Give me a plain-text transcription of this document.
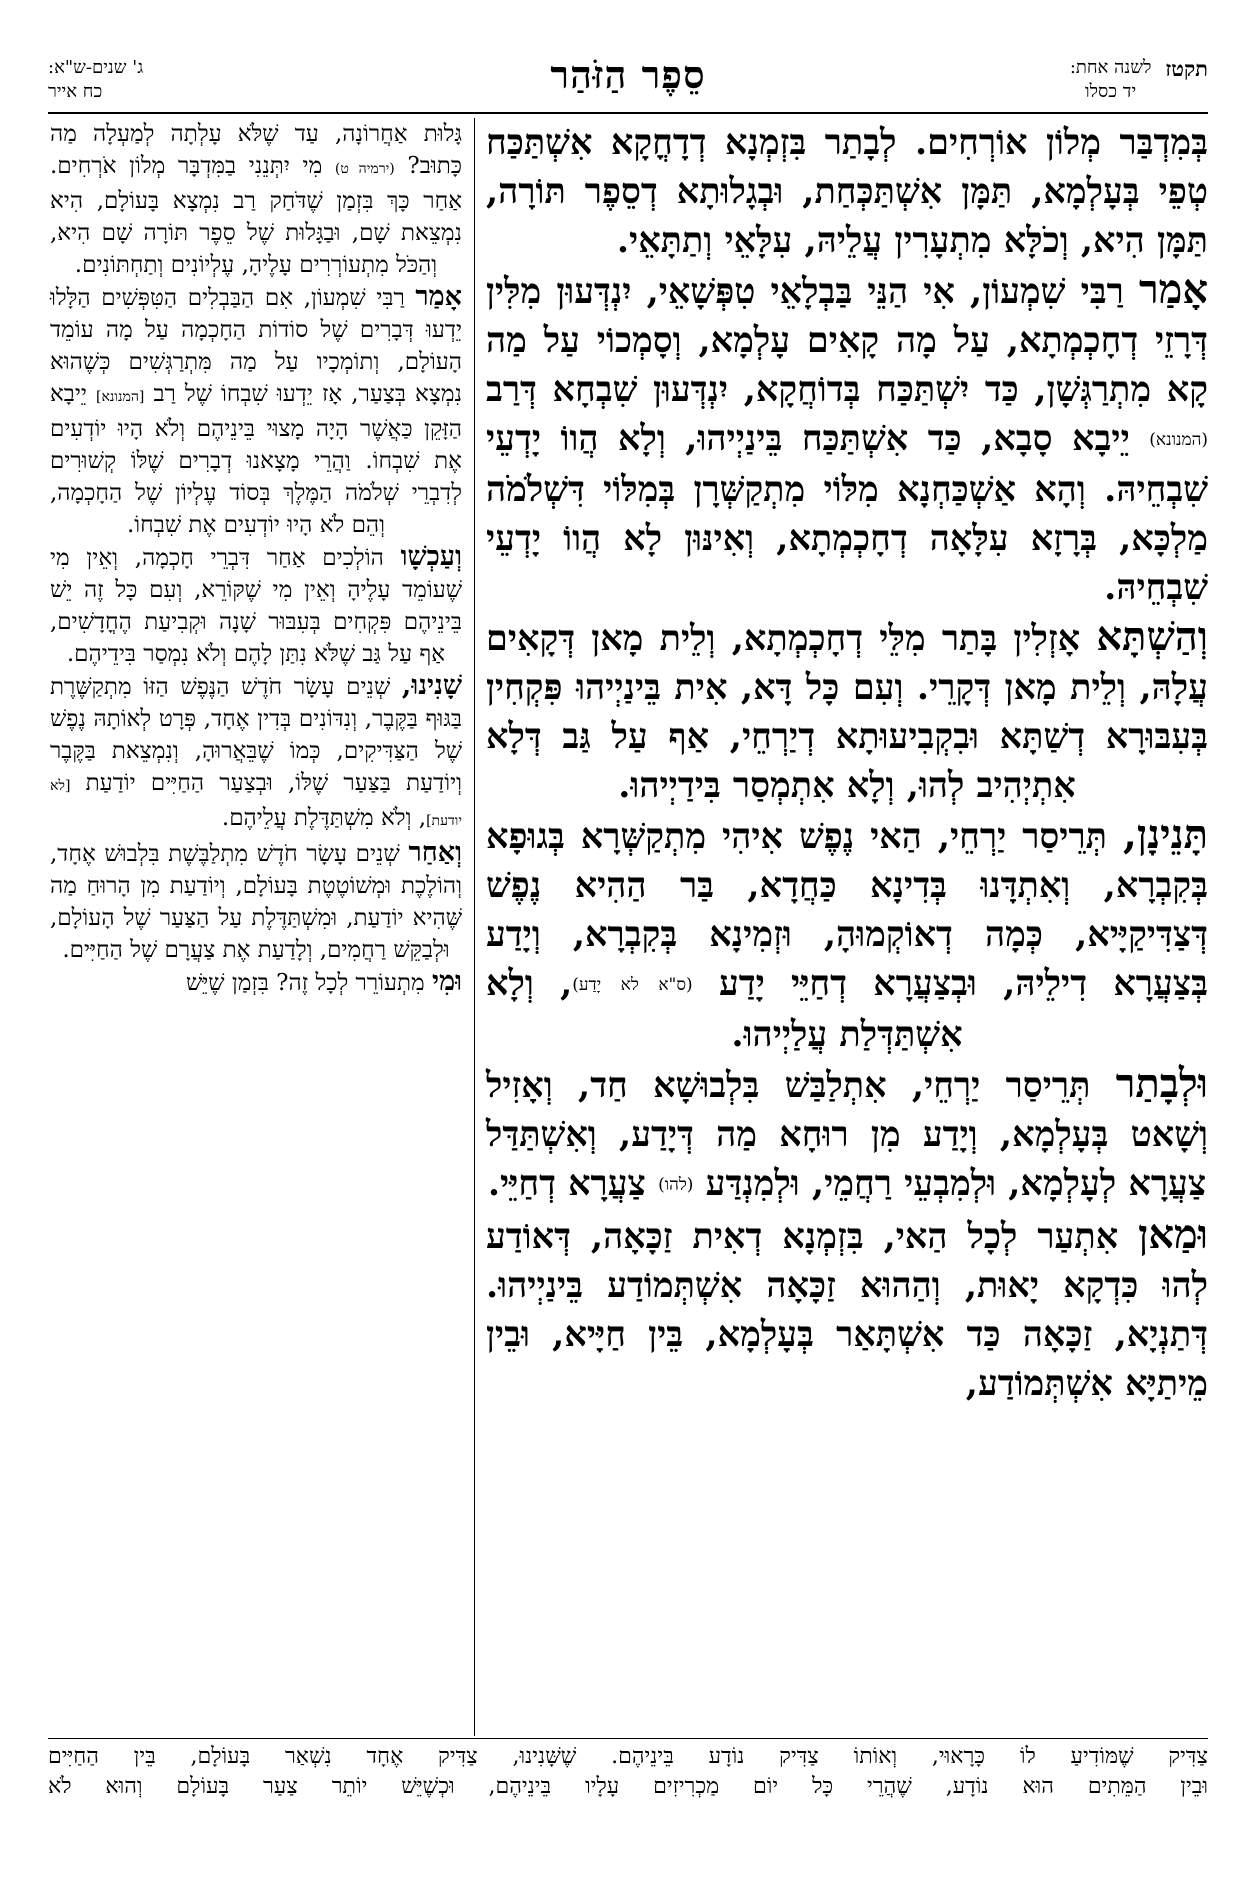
תקטז
לשנה אחת:
יד כסלו
סֵפֶר הַזֹּהַר
ג' שנים-ש"א:
כח אייר

בְּמִדְבַּר מְלוֹן אוֹרְחִים. לְבָתַר בִּזְמְנָא דְדָחֳקָא אִשְׁתַּכַּח טְפֵי בְּעָלְמָא, תַּמָּן אִשְׁתַּכְּחַת, וּבְגָלוּתָא דְסֵפֶר תּוֹרָה, תַּמָּן הִיא, וְכֹלָּא מִתְעָרִין עֲלֵיהּ, עִלָּאֵי וְתַתָּאֵי.

אָמַר רַבִּי שִׁמְעוֹן, אִי הַנֵּי בַּבְלָאֵי טִפְּשָׁאֵי, יִנְדְּעוּן מִלִּין דְּרָזֵי דְחָכְמְתָא, עַל מָה קָאִים עָלְמָא, וְסָמְכוֹי עַל מַה קָא מִתְרַגְּשָׁן, כַּד יִשְׁתַּכַּח בְּדוֹחֲקָא, יִנְדְּעוּן שִׁבְחָא דְּרַב (המנונא) יֵיבָא סָבָא, כַּד אִשְׁתַּכַּח בֵּינַיְיהוּ, וְלָא הֲווֹ יָדְעֵי שִׁבְחֵיהּ. וְהָא אַשְׁכַּחְנָא מִלּוֹי מִתְקַשְּׁרָן בְּמִלּוֹי דִּשְׁלֹמֹה מַלְכָּא, בְּרָזָא עִלָּאָה דְחָכְמְתָא, וְאִינּוּן לָא הֲווֹ יָדְעֵי שִׁבְחֵיהּ.

וְהַשְׁתָּא אָזְלִין בָּתַר מִלֵּי דְחָכְמְתָא, וְלֵית מָאן דְּקָאִים עֲלָהּ, וְלֵית מָאן דְּקָרֵי. וְעִם כָּל דָּא, אִית בֵּינַיְיהוּ פִּקְחִין בְּעִבּוּרָא דְשַׁתָּא וּבִקְבִיעוּתָא דְיַרְחֵי, אַף עַל גַּב דְּלָא אִתְיְהִיב לְהוּ, וְלָא אִתְמְסַר בִּידַיְיהוּ.

תָּנֵינָן, תְּרֵיסַר יַרְחֵי, הַאי נֶפֶשׁ אִיהִי מִתְקַשְּׁרָא בְּגוּפָא בְּקִבְרָא, וְאִתְדָּנוּ בְּדִינָא כַּחֲדָא, בַּר הַהִיא נֶפֶשׁ דְּצַדִּיקַיָּיא, כְּמָה דְאוֹקְמוּהָ, וּזְמִינָא בְּקִבְרָא, וְיָדַע בְּצַעֲרָא דִילֵיהּ, וּבְצַעֲרָא דְחַיֵּי יָדַע (ס"א לא יָדַע), וְלָא אִשְׁתַּדְּלַת עֲלַיְיהוּ.

וּלְבָתַר תְּרֵיסַר יַרְחֵי, אִתְלַבַּשׁ בִּלְבוּשָׁא חַד, וְאָזִיל וְשָׁאט בְּעָלְמָא, וְיָדַע מִן רוּחָא מַה דְּיָדַע, וְאִשְׁתַּדַּל צַעֲרָא לְעָלְמָא, וּלְמִבְעֵי רַחֲמֵי, וּלְמִנְדַּע (להו) צַעֲרָא דְחַיֵּי.

וּמַאן אִתְעַר לְכָל הַאי, בִּזְמְנָא דְאִית זַכָּאָה, דְּאוֹדַע לְהוּ כִּדְקָא יָאוּת, וְהַהוּא זַכָּאָה אִשְׁתְּמוֹדַע בֵּינַיְיהוּ. דְּתַנְיָא, זַכָּאָה כַּד אִשְׁתָּאַר בְּעָלְמָא, בֵּין חַיָּיא, וּבֵין מֵיתַיָּא אִשְׁתְּמוֹדַע,

גָּלוּת אַחֲרוֹנָה, עַד שֶׁלֹּא עָלְתָה לְמַעְלָה מַה כָּתוּב? (ירמיה ט) מִי יִתְּנֵנִי בַמִּדְבָּר מְלוֹן אֹרְחִים. אַחַר כָּךְ בִּזְמַן שֶׁדֹּחַק רַב נִמְצָא בָּעוֹלָם, הִיא נִמְצֵאת שָׁם, וּבַגָּלוּת שֶׁל סֵפֶר תּוֹרָה שָׁם הִיא, וְהַכֹּל מִתְעוֹרְרִים עָלֶיהָ, עֶלְיוֹנִים וְתַחְתּוֹנִים.

אָמַר רַבִּי שִׁמְעוֹן, אִם הַבַּבְלִים הַטִּפְּשִׁים הַלָּלוּ יֵדְעוּ דְּבָרִים שֶׁל סוֹדוֹת הַחָכְמָה עַל מָה עוֹמֵד הָעוֹלָם, וְתוֹמְכָיו עַל מַה מִּתְרַגְּשִׁים כְּשֶׁהוּא נִמְצָא בְּצַעַר, אָז יֵדְעוּ שִׁבְחוֹ שֶׁל רַב [המנונא] יֵיבָא הַזָּקֵן כַּאֲשֶׁר הָיָה מָצוּי בֵּינֵיהֶם וְלֹא הָיוּ יוֹדְעִים אֶת שִׁבְחוֹ. וַהֲרֵי מָצָאנוּ דְבָרִים שֶׁלּוֹ קְשׁוּרִים לְדִבְרֵי שְׁלֹמֹה הַמֶּלֶךְ בְּסוֹד עֶלְיוֹן שֶׁל הַחָכְמָה, וְהֵם לֹא הָיוּ יוֹדְעִים אֶת שִׁבְחוֹ.

וְעַכְשָׁו הוֹלְכִים אַחַר דִּבְרֵי חָכְמָה, וְאֵין מִי שֶׁעוֹמֵד עָלֶיהָ וְאֵין מִי שֶׁקּוֹרֵא, וְעִם כָּל זֶה יֵשׁ בֵּינֵיהֶם פִּקְחִים בְּעִבּוּר שָׁנָה וּקְבִיעַת הֶחֳדָשִׁים, אַף עַל גַּב שֶׁלֹּא נִתַּן לָהֶם וְלֹא נִמְסַר בִּידֵיהֶם.

שָׁנִינוּ, שְׁנֵים עָשָׂר חֹדֶשׁ הַנֶּפֶשׁ הַזּוֹ מִתְקַשֶּׁרֶת בַּגּוּף בַּקֶּבֶר, וְנִדּוֹנִים בְּדִין אֶחָד, פְּרָט לְאוֹתָהּ נֶפֶשׁ שֶׁל הַצַּדִּיקִים, כְּמוֹ שֶׁבֵּאֲרוּהָ, וְנִמְצֵאת בַּקֶּבֶר וְיוֹדַעַת בַּצַּעַר שֶׁלּוֹ, וּבְצַעַר הַחַיִּים יוֹדַעַת [לא יודעת], וְלֹא מִשְׁתַּדֶּלֶת עֲלֵיהֶם.

וְאַחַר שְׁנֵים עָשָׂר חֹדֶשׁ מִתְלַבֶּשֶׁת בִּלְבוּשׁ אֶחָד, וְהוֹלֶכֶת וּמְשׁוֹטֶטֶת בָּעוֹלָם, וְיוֹדַעַת מִן הָרוּחַ מַה שֶּׁהִיא יוֹדַעַת, וּמִשְׁתַּדֶּלֶת עַל הַצַּעַר שֶׁל הָעוֹלָם, וּלְבַקֵּשׁ רַחֲמִים, וְלָדַעַת אֶת צַעֲרָם שֶׁל הַחַיִּים.

וּמִי מִתְעוֹרֵר לְכָל זֶה? בִּזְמַן שֶׁיֵּשׁ

צַדִּיק שֶׁמּוֹדִיעַ לוֹ כָּרָאוּי, וְאוֹתוֹ צַדִּיק נוֹדָע בֵּינֵיהֶם. שֶׁשָּׁנִינוּ, צַדִּיק אֶחָד נִשְׁאַר בָּעוֹלָם, בֵּין הַחַיִּים

וּבֵין הַמֵּתִים הוּא נוֹדָע, שֶׁהֲרֵי כָּל יוֹם מַכְרִיזִים עָלָיו בֵּינֵיהֶם, וּכְשֶׁיֵּשׁ יוֹתֵר צַעַר בָּעוֹלָם וְהוּא לֹא
